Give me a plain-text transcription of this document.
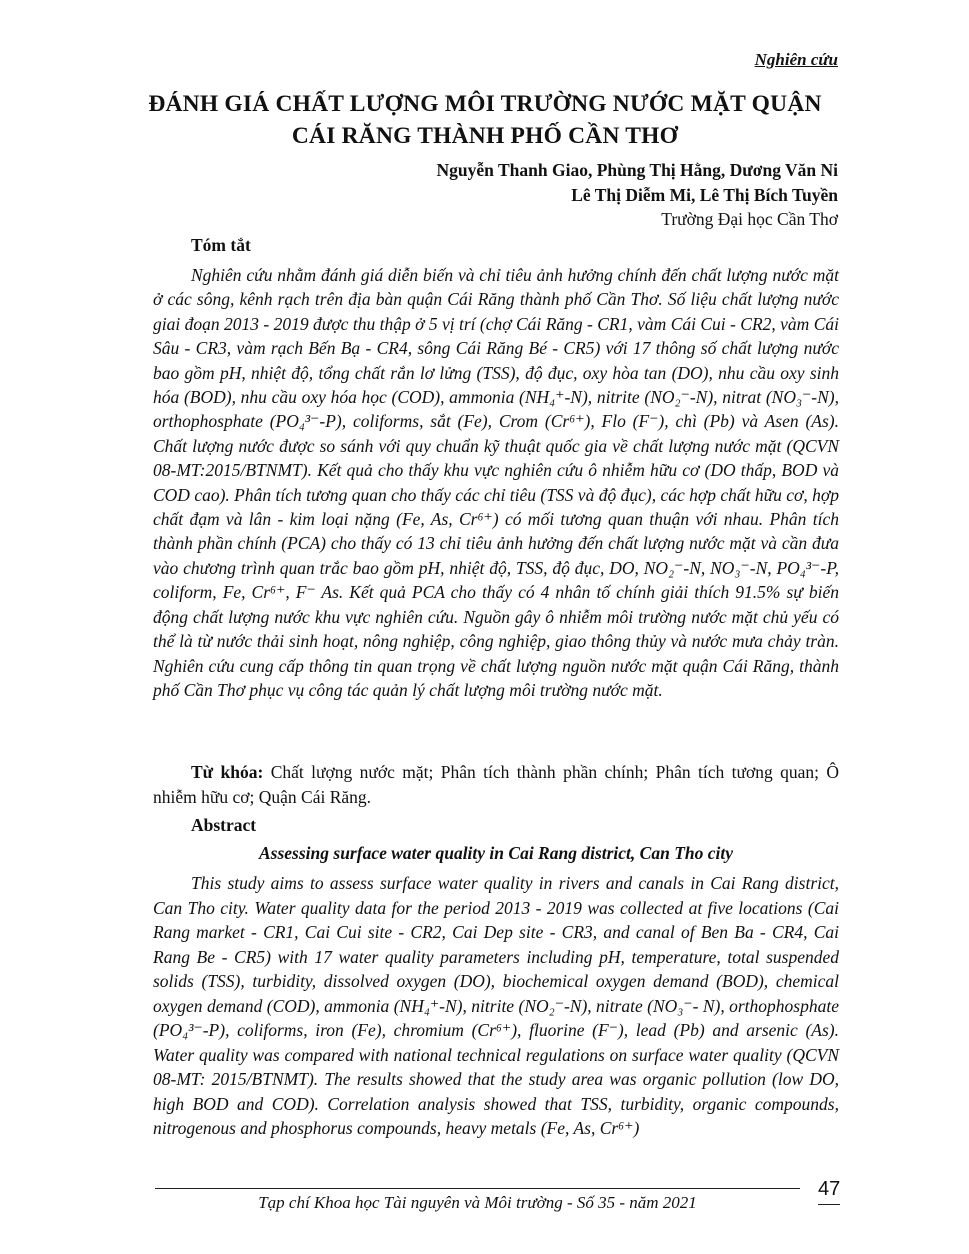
Nghiên cứu
ĐÁNH GIÁ CHẤT LƯỢNG MÔI TRƯỜNG NƯỚC MẶT QUẬN CÁI RĂNG THÀNH PHỐ CẦN THƠ
Nguyễn Thanh Giao, Phùng Thị Hằng, Dương Văn Ni
Lê Thị Diễm Mi, Lê Thị Bích Tuyền
Trường Đại học Cần Thơ
Tóm tắt
Nghiên cứu nhằm đánh giá diễn biến và chỉ tiêu ảnh hưởng chính đến chất lượng nước mặt ở các sông, kênh rạch trên địa bàn quận Cái Răng thành phố Cần Thơ. Số liệu chất lượng nước giai đoạn 2013 - 2019 được thu thập ở 5 vị trí (chợ Cái Răng - CR1, vàm Cái Cui - CR2, vàm Cái Sâu - CR3, vàm rạch Bến Bạ - CR4, sông Cái Răng Bé - CR5) với 17 thông số chất lượng nước bao gồm pH, nhiệt độ, tổng chất rắn lơ lửng (TSS), độ đục, oxy hòa tan (DO), nhu cầu oxy sinh hóa (BOD), nhu cầu oxy hóa học (COD), ammonia (NH₄⁺-N), nitrite (NO₂⁻-N), nitrat (NO₃⁻-N), orthophosphate (PO₄³⁻-P), coliforms, sắt (Fe), Crom (Cr⁶⁺), Flo (F⁻), chì (Pb) và Asen (As). Chất lượng nước được so sánh với quy chuẩn kỹ thuật quốc gia về chất lượng nước mặt (QCVN 08-MT:2015/BTNMT). Kết quả cho thấy khu vực nghiên cứu ô nhiễm hữu cơ (DO thấp, BOD và COD cao). Phân tích tương quan cho thấy các chỉ tiêu (TSS và độ đục), các hợp chất hữu cơ, hợp chất đạm và lân - kim loại nặng (Fe, As, Cr⁶⁺) có mối tương quan thuận với nhau. Phân tích thành phần chính (PCA) cho thấy có 13 chỉ tiêu ảnh hưởng đến chất lượng nước mặt và cần đưa vào chương trình quan trắc bao gồm pH, nhiệt độ, TSS, độ đục, DO, NO₂⁻-N, NO₃⁻-N, PO₄³⁻-P, coliform, Fe, Cr⁶⁺, F⁻ As. Kết quả PCA cho thấy có 4 nhân tố chính giải thích 91.5% sự biến động chất lượng nước khu vực nghiên cứu. Nguồn gây ô nhiễm môi trường nước mặt chủ yếu có thể là từ nước thải sinh hoạt, nông nghiệp, công nghiệp, giao thông thủy và nước mưa chảy tràn. Nghiên cứu cung cấp thông tin quan trọng về chất lượng nguồn nước mặt quận Cái Răng, thành phố Cần Thơ phục vụ công tác quản lý chất lượng môi trường nước mặt.
Từ khóa: Chất lượng nước mặt; Phân tích thành phần chính; Phân tích tương quan; Ô nhiễm hữu cơ; Quận Cái Răng.
Abstract
Assessing surface water quality in Cai Rang district, Can Tho city
This study aims to assess surface water quality in rivers and canals in Cai Rang district, Can Tho city. Water quality data for the period 2013 - 2019 was collected at five locations (Cai Rang market - CR1, Cai Cui site - CR2, Cai Dep site - CR3, and canal of Ben Ba - CR4, Cai Rang Be - CR5) with 17 water quality parameters including pH, temperature, total suspended solids (TSS), turbidity, dissolved oxygen (DO), biochemical oxygen demand (BOD), chemical oxygen demand (COD), ammonia (NH₄⁺-N), nitrite (NO₂⁻-N), nitrate (NO₃⁻- N), orthophosphate (PO₄³⁻-P), coliforms, iron (Fe), chromium (Cr⁶⁺), fluorine (F⁻), lead (Pb) and arsenic (As). Water quality was compared with national technical regulations on surface water quality (QCVN 08-MT: 2015/BTNMT). The results showed that the study area was organic pollution (low DO, high BOD and COD). Correlation analysis showed that TSS, turbidity, organic compounds, nitrogenous and phosphorus compounds, heavy metals (Fe, As, Cr⁶⁺)
Tạp chí Khoa học Tài nguyên và Môi trường - Số 35 - năm 2021
47
